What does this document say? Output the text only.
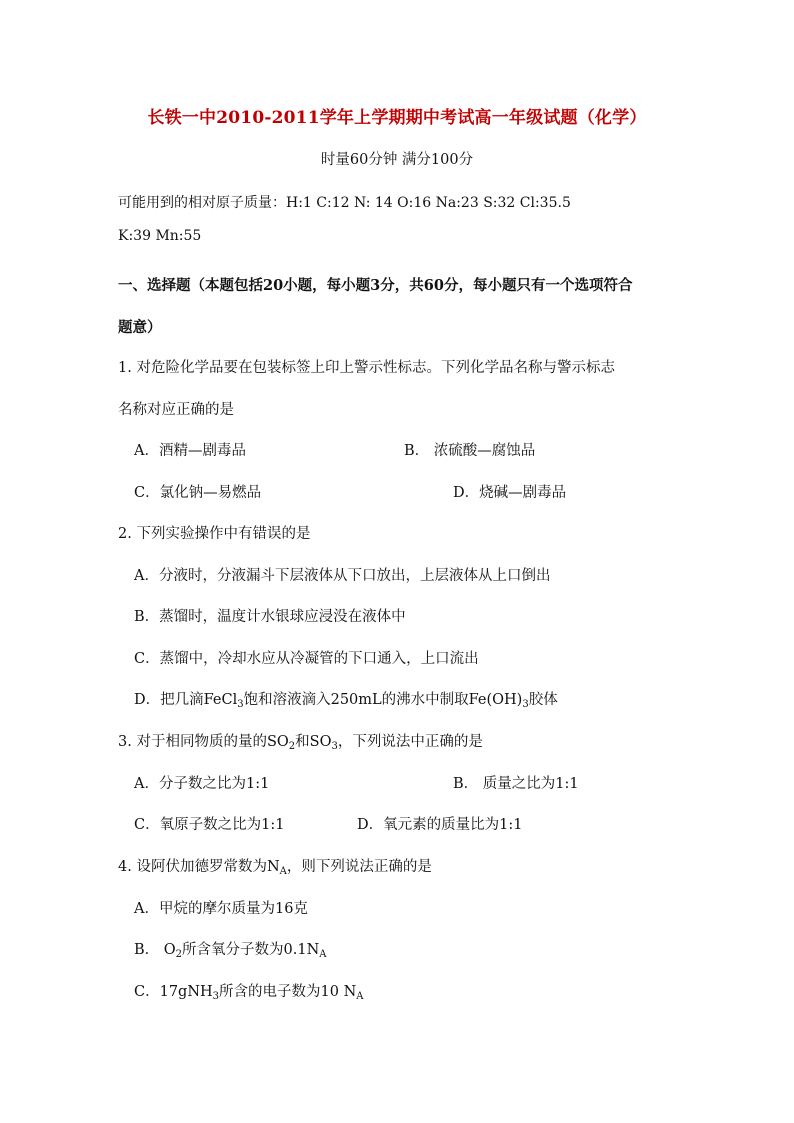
长铁一中2010-2011学年上学期期中考试高一年级试题（化学）
时量60分钟 满分100分
可能用到的相对原子质量：H:1 C:12 N: 14 O:16 Na:23 S:32 Cl:35.5
K:39 Mn:55
一、选择题（本题包括20小题，每小题3分，共60分，每小题只有一个选项符合
题意）
1. 对危险化学品要在包装标签上印上警示性标志。下列化学品名称与警示标志
名称对应正确的是
A．酒精—剧毒品	B． 浓硫酸—腐蚀品
C．氯化钠—易燃品	D．烧碱—剧毒品
2. 下列实验操作中有错误的是
A．分液时，分液漏斗下层液体从下口放出，上层液体从上口倒出
B．蒸馏时，温度计水银球应浸没在液体中
C．蒸馏中，冷却水应从冷凝管的下口通入，上口流出
D．把几滴FeCl$_3$饱和溶液滴入250mL的沸水中制取$Fe(OH)_3$胶体
3. 对于相同物质的量的$SO_2$和$SO_3$，下列说法中正确的是
A．分子数之比为1:1	B． 质量之比为1:1
C．氧原子数之比为1:1	D．氧元素的质量比为1:1
4. 设阿伏加德罗常数为$N_A$，则下列说法正确的是
A．甲烷的摩尔质量为16克
B． $O_2$所含氧分子数为$0.1N_A$
C．17gNH$_3$所含的电子数为10 $N_A$
